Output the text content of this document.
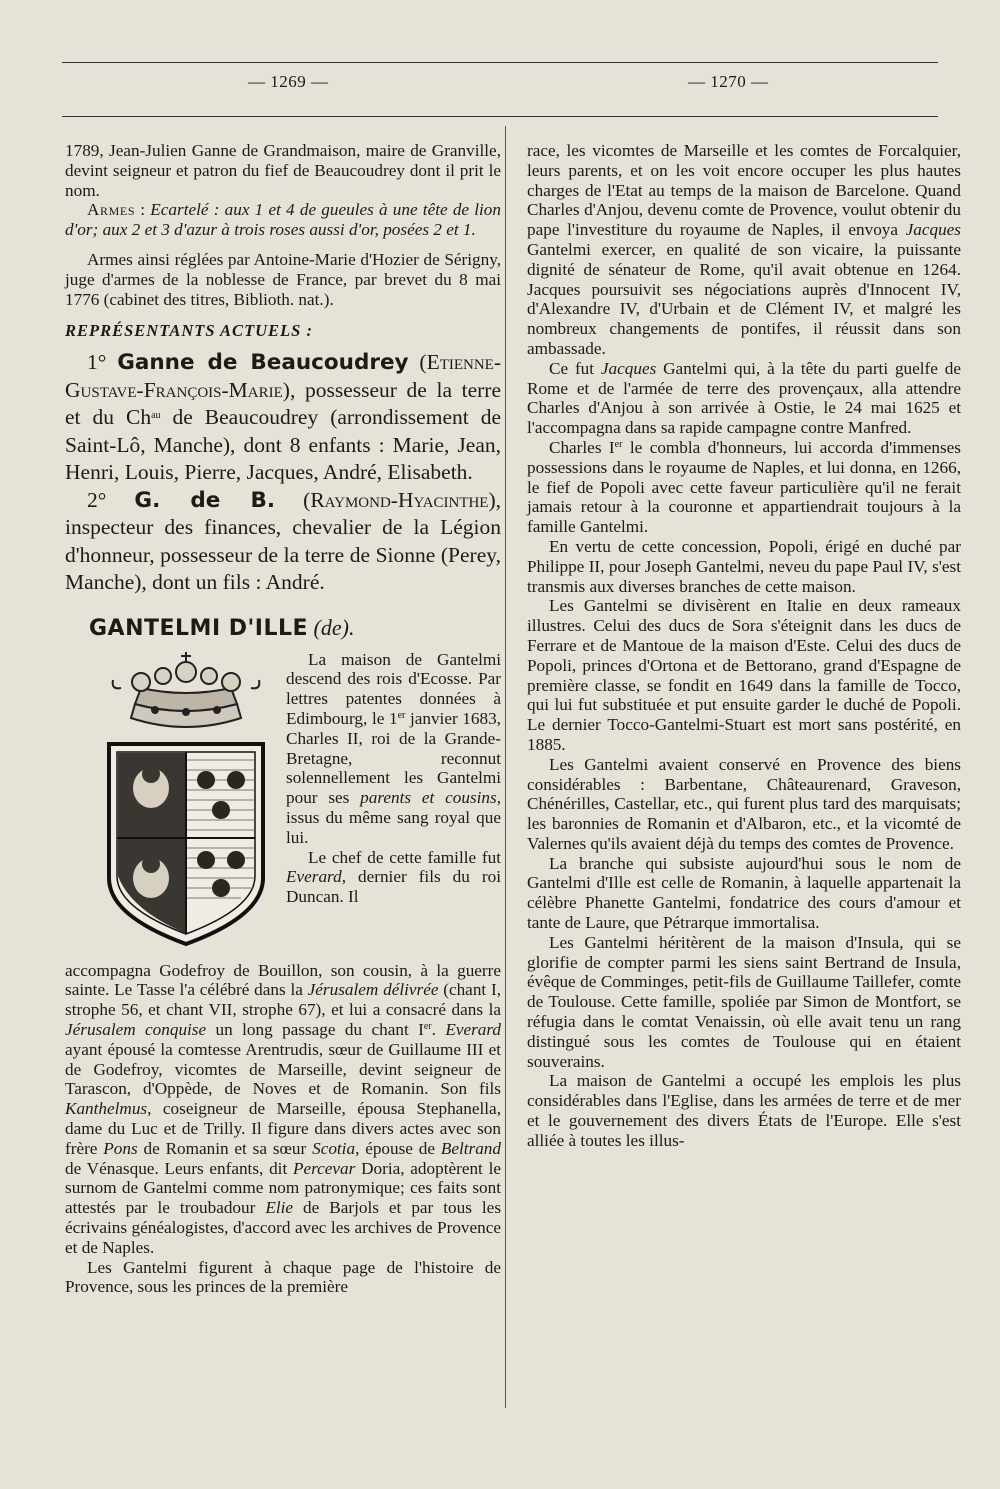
— 1269 —	— 1270 —

1789, Jean-Julien Ganne de Grandmaison, maire de Granville, devint seigneur et patron du fief de Beaucoudrey dont il prit le nom.

Armes : Ecartelé : aux 1 et 4 de gueules à une tête de lion d'or; aux 2 et 3 d'azur à trois roses aussi d'or, posées 2 et 1.

Armes ainsi réglées par Antoine-Marie d'Hozier de Sérigny, juge d'armes de la noblesse de France, par brevet du 8 mai 1776 (cabinet des titres, Biblioth. nat.).

REPRÉSENTANTS ACTUELS :

1° Ganne de Beaucoudrey (Etienne-Gustave-François-Marie), possesseur de la terre et du $Ch^{au}$ de Beaucoudrey (arrondissement de Saint-Lô, Manche), dont 8 enfants : Marie, Jean, Henri, Louis, Pierre, Jacques, André, Elisabeth.

2° G. de B. (Raymond-Hyacinthe), inspecteur des finances, chevalier de la Légion d'honneur, possesseur de la terre de Sionne (Perey, Manche), dont un fils : André.

GANTELMI D'ILLE (de).

La maison de Gantelmi descend des rois d'Ecosse. Par lettres patentes données à Edimbourg, le 1er janvier 1683, Charles II, roi de la Grande-Bretagne, reconnut solennellement les Gantelmi pour ses parents et cousins, issus du même sang royal que lui.

Le chef de cette famille fut Everard, dernier fils du roi Duncan. Il

accompagna Godefroy de Bouillon, son cousin, à la guerre sainte. Le Tasse l'a célébré dans la Jérusalem délivrée (chant I, strophe 56, et chant VII, strophe 67), et lui a consacré dans la Jérusalem conquise un long passage du chant Ier. Everard ayant épousé la comtesse Arentrudis, sœur de Guillaume III et de Godefroy, vicomtes de Marseille, devint seigneur de Tarascon, d'Oppède, de Noves et de Romanin. Son fils Kanthelmus, coseigneur de Marseille, épousa Stephanella, dame du Luc et de Trilly. Il figure dans divers actes avec son frère Pons de Romanin et sa sœur Scotia, épouse de Beltrand de Vénasque. Leurs enfants, dit Percevar Doria, adoptèrent le surnom de Gantelmi comme nom patronymique; ces faits sont attestés par le troubadour Elie de Barjols et par tous les écrivains généalogistes, d'accord avec les archives de Provence et de Naples.

Les Gantelmi figurent à chaque page de l'histoire de Provence, sous les princes de la première

race, les vicomtes de Marseille et les comtes de Forcalquier, leurs parents, et on les voit encore occuper les plus hautes charges de l'Etat au temps de la maison de Barcelone. Quand Charles d'Anjou, devenu comte de Provence, voulut obtenir du pape l'investiture du royaume de Naples, il envoya Jacques Gantelmi exercer, en qualité de son vicaire, la puissante dignité de sénateur de Rome, qu'il avait obtenue en 1264. Jacques poursuivit ses négociations auprès d'Innocent IV, d'Alexandre IV, d'Urbain et de Clément IV, et malgré les nombreux changements de pontifes, il réussit dans son ambassade.

Ce fut Jacques Gantelmi qui, à la tête du parti guelfe de Rome et de l'armée de terre des provençaux, alla attendre Charles d'Anjou à son arrivée à Ostie, le 24 mai 1625 et l'accompagna dans sa rapide campagne contre Manfred.

Charles Ier le combla d'honneurs, lui accorda d'immenses possessions dans le royaume de Naples, et lui donna, en 1266, le fief de Popoli avec cette faveur particulière qu'il ne ferait jamais retour à la couronne et appartiendrait toujours à la famille Gantelmi.

En vertu de cette concession, Popoli, érigé en duché par Philippe II, pour Joseph Gantelmi, neveu du pape Paul IV, s'est transmis aux diverses branches de cette maison.

Les Gantelmi se divisèrent en Italie en deux rameaux illustres. Celui des ducs de Sora s'éteignit dans les ducs de Ferrare et de Mantoue de la maison d'Este. Celui des ducs de Popoli, princes d'Ortona et de Bettorano, grand d'Espagne de première classe, se fondit en 1649 dans la famille de Tocco, qui lui fut substituée et put ensuite garder le duché de Popoli. Le dernier Tocco-Gantelmi-Stuart est mort sans postérité, en 1885.

Les Gantelmi avaient conservé en Provence des biens considérables : Barbentane, Châteaurenard, Graveson, Chénérilles, Castellar, etc., qui furent plus tard des marquisats; les baronnies de Romanin et d'Albaron, etc., et la vicomté de Valernes qu'ils avaient déjà du temps des comtes de Provence.

La branche qui subsiste aujourd'hui sous le nom de Gantelmi d'Ille est celle de Romanin, à laquelle appartenait la célèbre Phanette Gantelmi, fondatrice des cours d'amour et tante de Laure, que Pétrarque immortalisa.

Les Gantelmi héritèrent de la maison d'Insula, qui se glorifie de compter parmi les siens saint Bertrand de Insula, évêque de Comminges, petit-fils de Guillaume Taillefer, comte de Toulouse. Cette famille, spoliée par Simon de Montfort, se réfugia dans le comtat Venaissin, où elle avait tenu un rang distingué sous les comtes de Toulouse qui en étaient souverains.

La maison de Gantelmi a occupé les emplois les plus considérables dans l'Eglise, dans les armées de terre et de mer et le gouvernement des divers États de l'Europe. Elle s'est alliée à toutes les illus-
